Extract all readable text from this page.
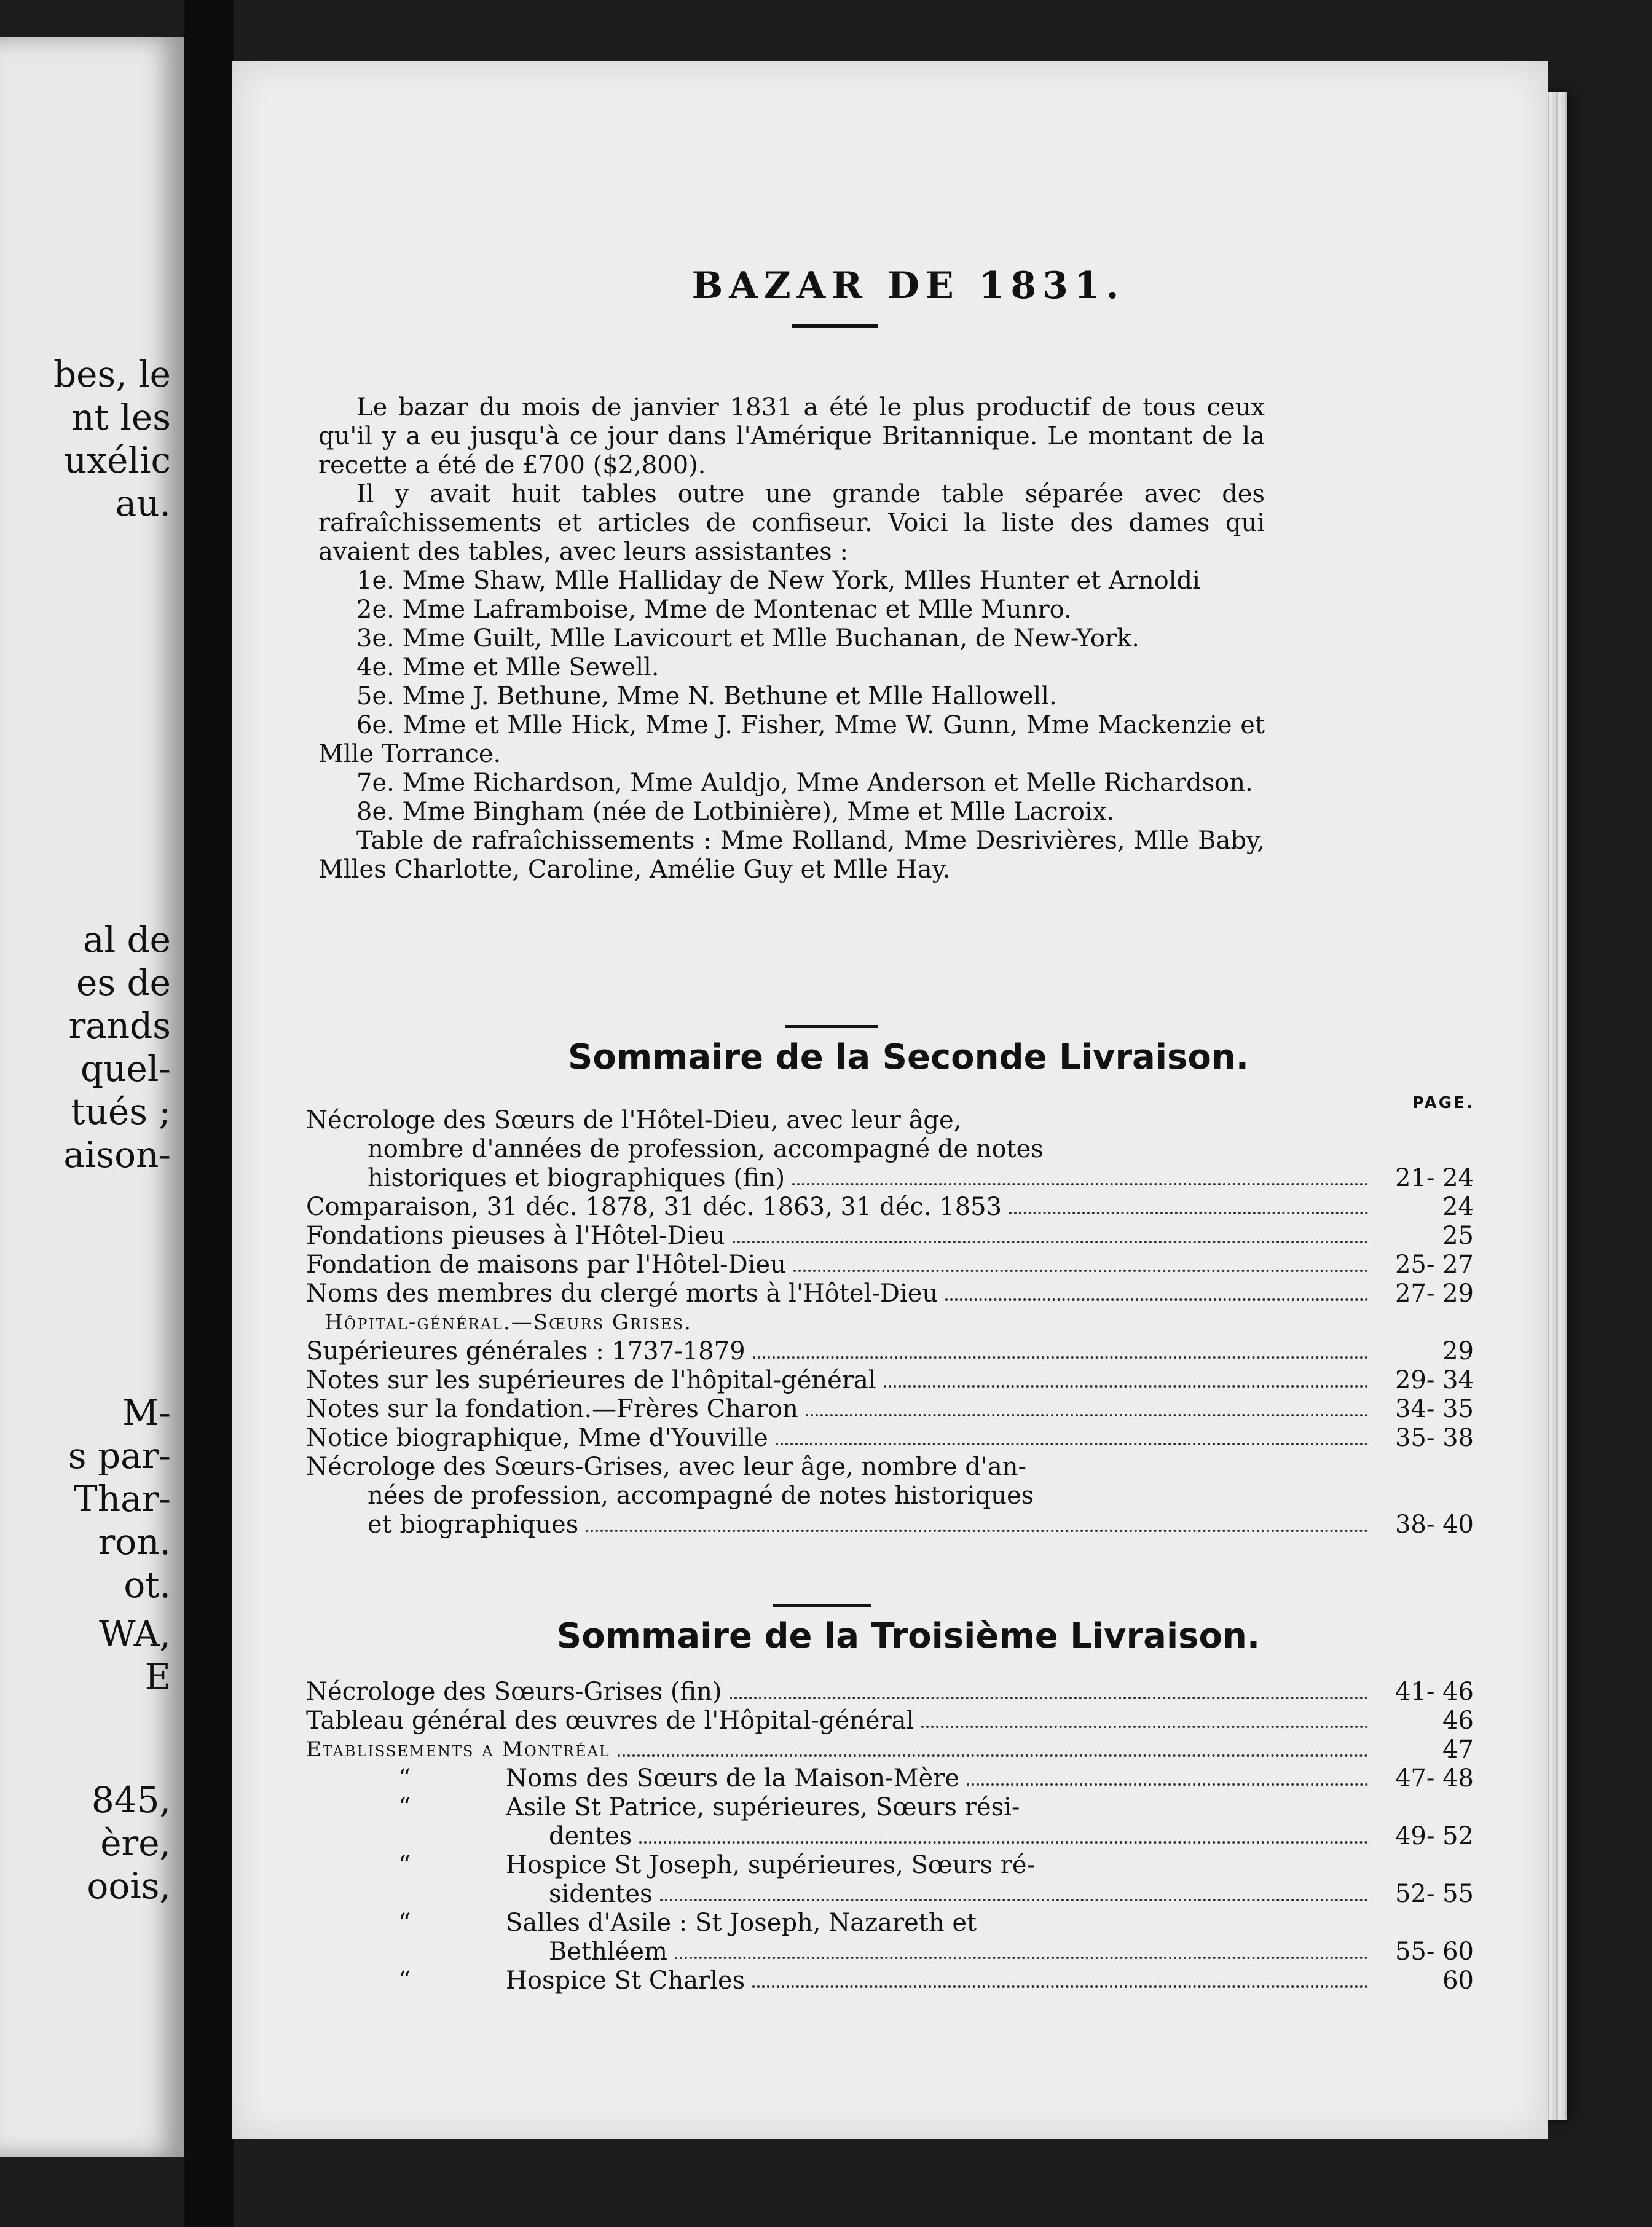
bes, le
nt les
uxélic
au.
al de
es de
rands
quel-
tués ;
aison-
M-
s par-
Thar-
ron.
ot.
WA,
E
845,
ère,
oois,
BAZAR DE 1831.

Le bazar du mois de janvier 1831 a été le plus productif de tous ceux qu'il y a eu jusqu'à ce jour dans l'Amérique Britannique. Le montant de la recette a été de £700 ($2,800).

Il y avait huit tables outre une grande table séparée avec des rafraîchissements et articles de confiseur. Voici la liste des dames qui avaient des tables, avec leurs assistantes :

1e. Mme Shaw, Mlle Halliday de New York, Mlles Hunter et Arnoldi

2e. Mme Laframboise, Mme de Montenac et Mlle Munro.

3e. Mme Guilt, Mlle Lavicourt et Mlle Buchanan, de New-York.

4e. Mme et Mlle Sewell.

5e. Mme J. Bethune, Mme N. Bethune et Mlle Hallowell.

6e. Mme et Mlle Hick, Mme J. Fisher, Mme W. Gunn, Mme Mackenzie et Mlle Torrance.

7e. Mme Richardson, Mme Auldjo, Mme Anderson et Melle Richardson.

8e. Mme Bingham (née de Lotbinière), Mme et Mlle Lacroix.

Table de rafraîchissements : Mme Rolland, Mme Desrivières, Mlle Baby, Mlles Charlotte, Caroline, Amélie Guy et Mlle Hay.

Sommaire de la Seconde Livraison.
PAGE.
Nécrologe des Sœurs de l'Hôtel-Dieu, avec leur âge,
nombre d'années de profession, accompagné de notes
historiques et biographiques (fin)	21- 24
Comparaison, 31 déc. 1878, 31 déc. 1863, 31 déc. 1853	24
Fondations pieuses à l'Hôtel-Dieu	25
Fondation de maisons par l'Hôtel-Dieu	25- 27
Noms des membres du clergé morts à l'Hôtel-Dieu	27- 29
Hôpital-général.—Sœurs Grises.
Supérieures générales : 1737-1879	29
Notes sur les supérieures de l'hôpital-général	29- 34
Notes sur la fondation.—Frères Charon	34- 35
Notice biographique, Mme d'Youville	35- 38
Nécrologe des Sœurs-Grises, avec leur âge, nombre d'an-
nées de profession, accompagné de notes historiques
et biographiques	38- 40
Sommaire de la Troisième Livraison.
Nécrologe des Sœurs-Grises (fin)	41- 46
Tableau général des œuvres de l'Hôpital-général	46
Etablissements a Montréal	47
“	Noms des Sœurs de la Maison-Mère	47- 48
“	Asile St Patrice, supérieures, Sœurs rési-
dentes	49- 52
“	Hospice St Joseph, supérieures, Sœurs ré-
sidentes	52- 55
“	Salles d'Asile : St Joseph, Nazareth et
Bethléem	55- 60
“	Hospice St Charles	60
